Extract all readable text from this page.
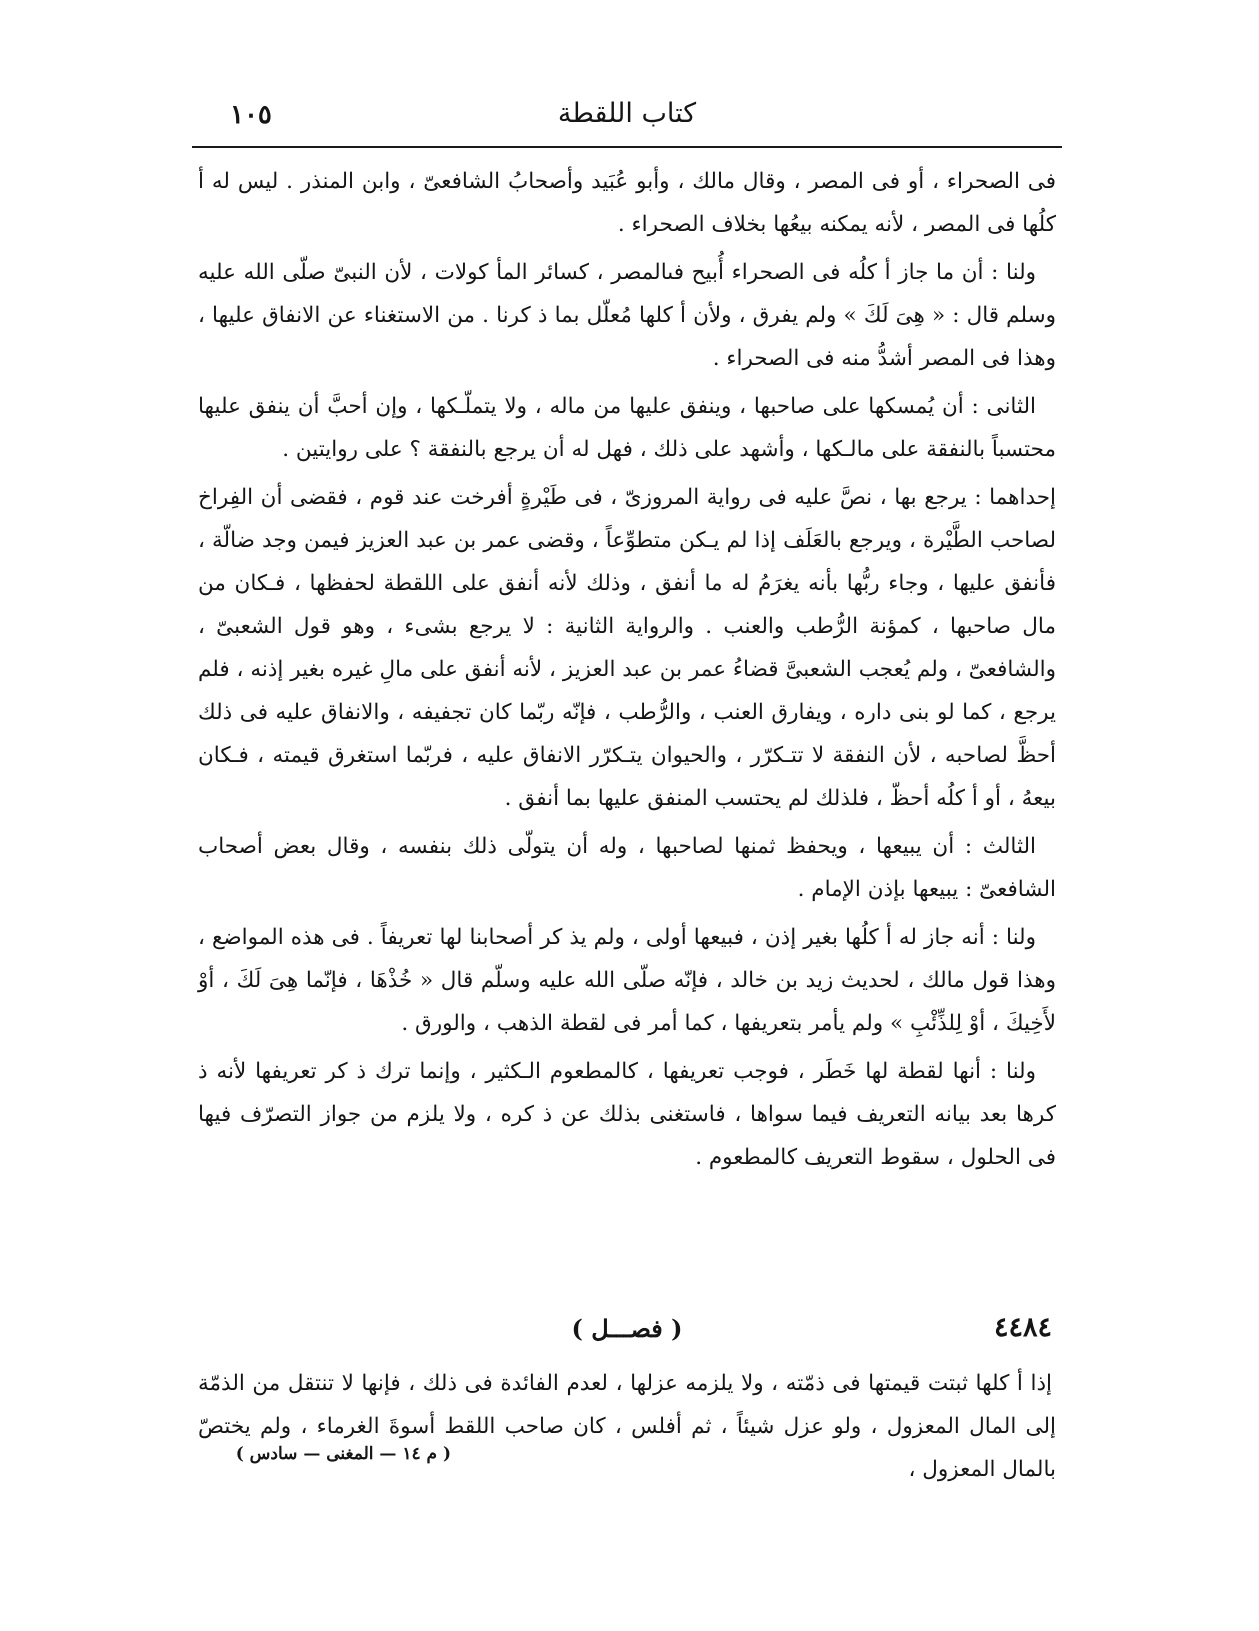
١٠٥	كتاب اللقطة

فى الصحراء ، أو فى المصر ، وقال مالك ، وأبو عُبَيد وأصحابُ الشافعىّ ، وابن المنذر . ليس له أ كلُها فى المصر ، لأنه يمكنه بيعُها بخلاف الصحراء .

ولنا : أن ما جاز أ كلُه فى الصحراء أُبيح فىالمصر ، كسائر المأ كولات ، لأن النبىّ صلّى الله عليه وسلم قال : « هِىَ لَكَ » ولم يفرق ، ولأن أ كلها مُعلّل بما ذ كرنا . من الاستغناء عن الانفاق عليها ، وهذا فى المصر أشدُّ منه فى الصحراء .

الثانى : أن يُمسكها على صاحبها ، وينفق عليها من ماله ، ولا يتملّـكها ، وإن أحبَّ أن ينفق عليها محتسباً بالنفقة على مالـكها ، وأشهد على ذلك ، فهل له أن يرجع بالنفقة ؟ على روايتين .

إحداهما : يرجع بها ، نصَّ عليه فى رواية المروزىّ ، فى طَيْرةٍ أفرخت عند قوم ، فقضى أن الفِراخ لصاحب الطَّيْرة ، ويرجع بالعَلَف إذا لم يـكن متطوِّعاً ، وقضى عمر بن عبد العزيز فيمن وجد ضالّة ، فأنفق عليها ، وجاء ربُّها بأنه يغرَمُ له ما أنفق ، وذلك لأنه أنفق على اللقطة لحفظها ، فـكان من مال صاحبها ، كمؤنة الرُّطب والعنب . والرواية الثانية : لا يرجع بشىء ، وهو قول الشعبىّ ، والشافعىّ ، ولم يُعجب الشعبىَّ قضاءُ عمر بن عبد العزيز ، لأنه أنفق على مالِ غيره بغير إذنه ، فلم يرجع ، كما لو بنى داره ، ويفارق العنب ، والرُّطب ، فإنّه ربّما كان تجفيفه ، والانفاق عليه فى ذلك أحظَّ لصاحبه ، لأن النفقة لا تتـكرّر ، والحيوان يتـكرّر الانفاق عليه ، فربّما استغرق قيمته ، فـكان بيعهُ ، أو أ كلُه أحظّ ، فلذلك لم يحتسب المنفق عليها بما أنفق .

الثالث : أن يبيعها ، ويحفظ ثمنها لصاحبها ، وله أن يتولّى ذلك بنفسه ، وقال بعض أصحاب الشافعىّ : يبيعها بإذن الإمام .

ولنا : أنه جاز له أ كلُها بغير إذن ، فبيعها أولى ، ولم يذ كر أصحابنا لها تعريفاً . فى هذه المواضع ، وهذا قول مالك ، لحديث زيد بن خالد ، فإنّه صلّى الله عليه وسلّم قال « خُذْهَا ، فإنّما هِىَ لَكَ ، أوْ لأَخِيكَ ، أوْ لِلذِّئْبِ » ولم يأمر بتعريفها ، كما أمر فى لقطة الذهب ، والورق .

ولنا : أنها لقطة لها خَطَر ، فوجب تعريفها ، كالمطعوم الـكثير ، وإنما ترك ذ كر تعريفها لأنه ذ كرها بعد بيانه التعريف فيما سواها ، فاستغنى بذلك عن ذ كره ، ولا يلزم من جواز التصرّف فيها فى الحلول ، سقوط التعريف كالمطعوم .

٤٤٨٤
( فصـــل )

إذا أ كلها ثبتت قيمتها فى ذمّته ، ولا يلزمه عزلها ، لعدم الفائدة فى ذلك ، فإنها لا تنتقل من الذمّة إلى المال المعزول ، ولو عزل شيئاً ، ثم أفلس ، كان صاحب اللقط أسوةَ الغرماء ، ولم يختصّ بالمال المعزول ،

( م ١٤ — المغنى — سادس )
